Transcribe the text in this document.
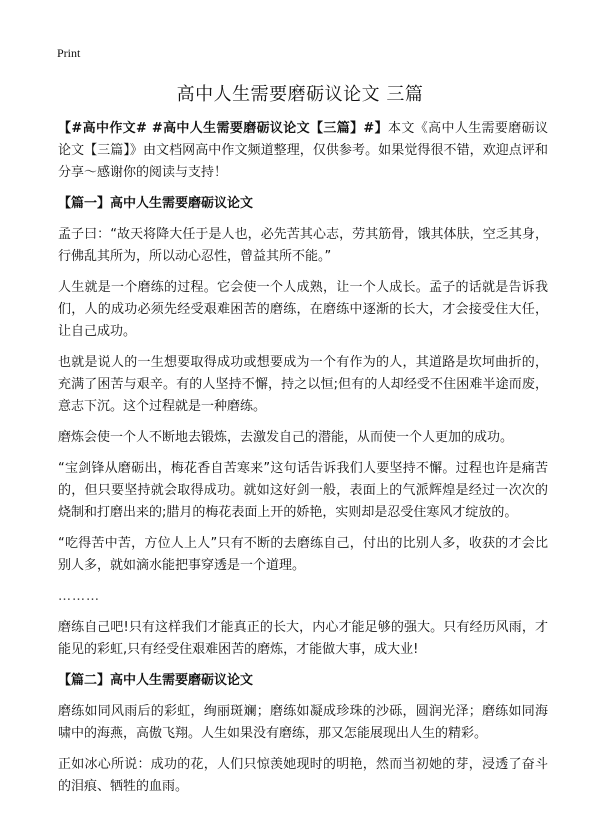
Print
高中人生需要磨砺议论文 三篇

【#高中作文# #高中人生需要磨砺议论文【三篇】#】本文《高中人生需要磨砺议论文【三篇】》由文档网高中作文频道整理，仅供参考。如果觉得很不错，欢迎点评和分享～感谢你的阅读与支持！

【篇一】高中人生需要磨砺议论文

孟子曰：“故天将降大任于是人也，必先苦其心志，劳其筋骨，饿其体肤，空乏其身，行佛乱其所为，所以动心忍性，曾益其所不能。”

人生就是一个磨练的过程。它会使一个人成熟，让一个人成长。孟子的话就是告诉我们，人的成功必须先经受艰难困苦的磨练，在磨练中逐渐的长大，才会接受住大任，让自己成功。

也就是说人的一生想要取得成功或想要成为一个有作为的人，其道路是坎坷曲折的，充满了困苦与艰辛。有的人坚持不懈，持之以恒;但有的人却经受不住困难半途而废，意志下沉。这个过程就是一种磨练。

磨炼会使一个人不断地去锻炼，去激发自己的潜能，从而使一个人更加的成功。

“宝剑锋从磨砺出，梅花香自苦寒来”这句话告诉我们人要坚持不懈。过程也许是痛苦的，但只要坚持就会取得成功。就如这好剑一般，表面上的气派辉煌是经过一次次的烧制和打磨出来的;腊月的梅花表面上开的娇艳，实则却是忍受住寒风才绽放的。

“吃得苦中苦，方位人上人”只有不断的去磨练自己，付出的比别人多，收获的才会比别人多，就如滴水能把事穿透是一个道理。

………

磨练自己吧!只有这样我们才能真正的长大，内心才能足够的强大。只有经历风雨，才能见的彩虹,只有经受住艰难困苦的磨炼，才能做大事，成大业!

【篇二】高中人生需要磨砺议论文

磨练如同风雨后的彩虹，绚丽斑斓；磨练如凝成珍珠的沙砾，圆润光泽；磨练如同海啸中的海燕，高傲飞翔。人生如果没有磨练，那又怎能展现出人生的精彩。

正如冰心所说：成功的花，人们只惊羡她现时的明艳，然而当初她的芽，浸透了奋斗的泪痕、牺牲的血雨。
